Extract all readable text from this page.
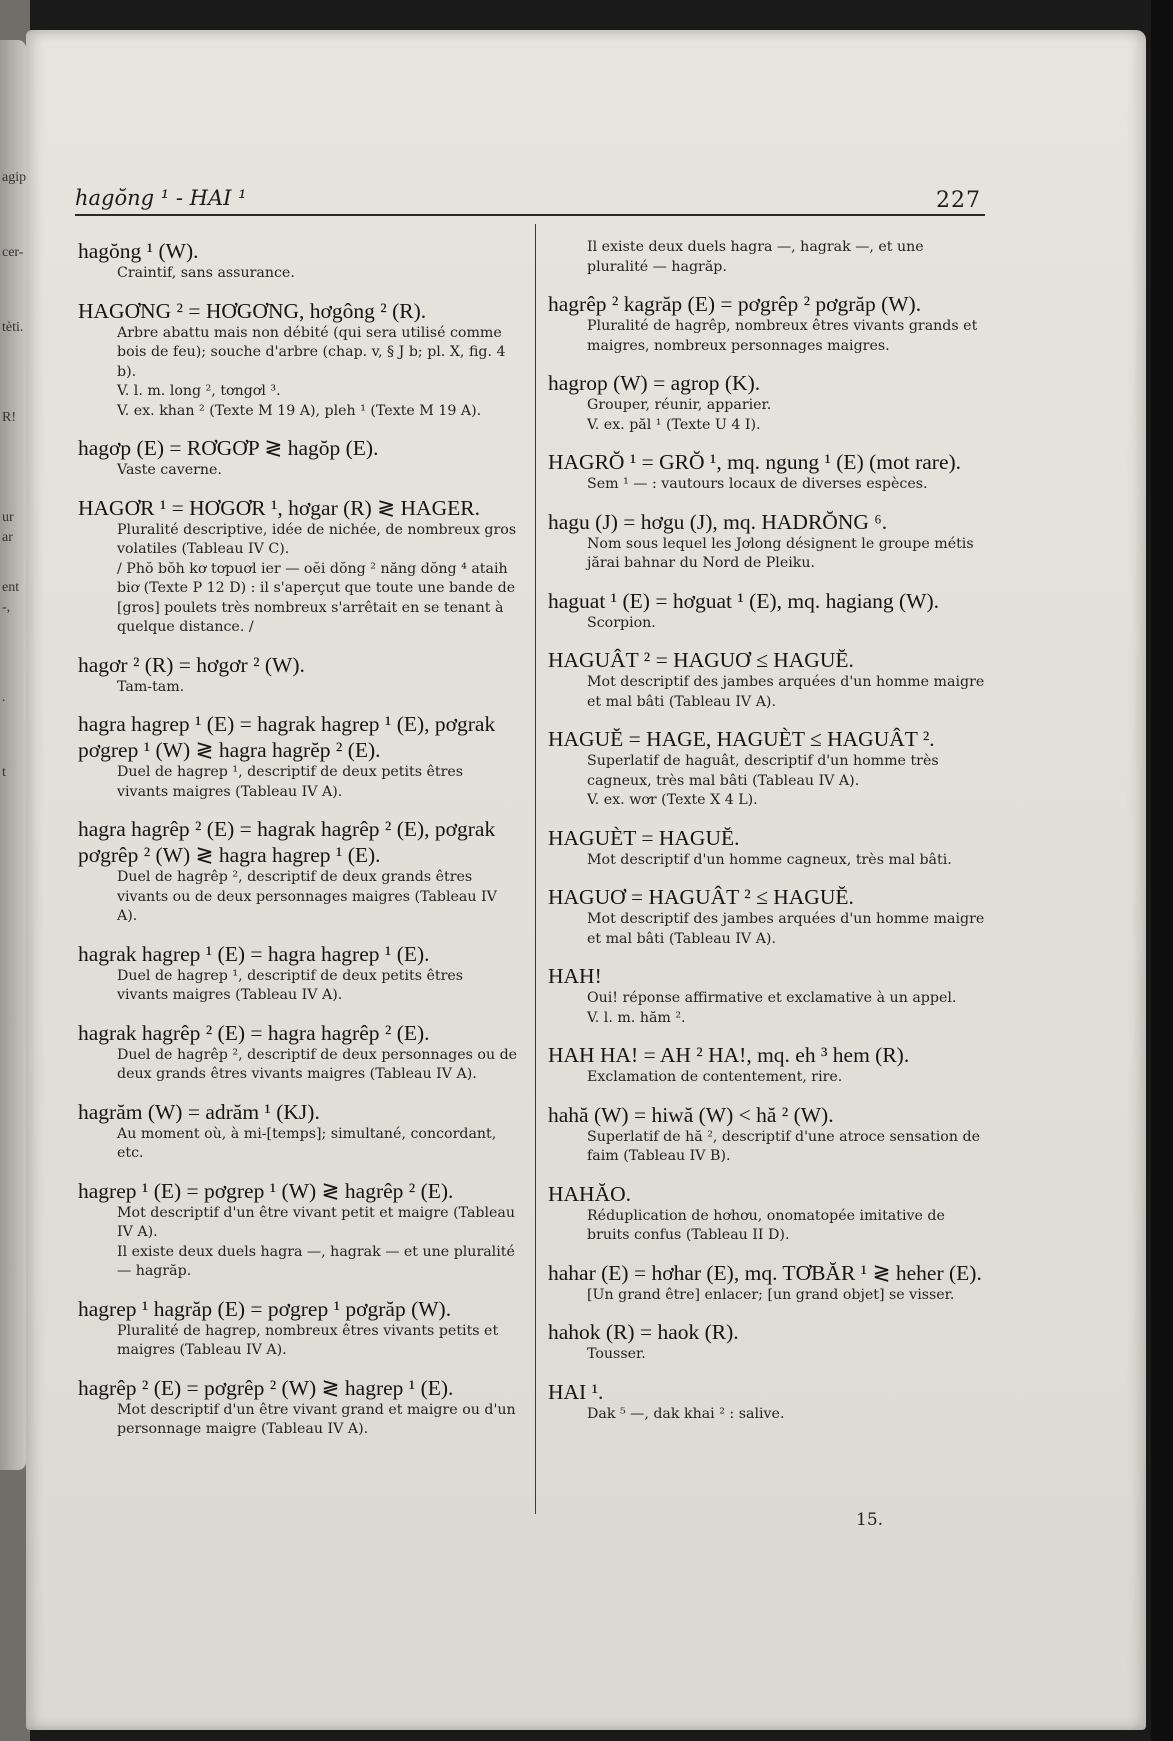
agip
cer-
tèti.
R!
ur
ar
ent
-,
t
.
hagŏng ¹ - HAI ¹	227
hagŏng ¹ (W).
Craintif, sans assurance.
HAGƠNG ² = HƠGƠNG, hơgông ² (R).
Arbre abattu mais non débité (qui sera utilisé comme bois de feu); souche d'arbre (chap. v, § J b; pl. X, fig. 4 b).
V. l. m. long ², tơngơl ³.
V. ex. khan ² (Texte M 19 A), pleh ¹ (Texte M 19 A).
hagơp (E) = RƠGƠP ≷ hagŏp (E).
Vaste caverne.
HAGƠR ¹ = HƠGƠR ¹, hơgar (R) ≷ HAGER.
Pluralité descriptive, idée de nichée, de nombreux gros volatiles (Tableau IV C).
/ Phŏ bŏh kơ tơpuơl ier — oĕi dŏng ² năng dŏng ⁴ ataih biơ (Texte P 12 D) : il s'aperçut que toute une bande de [gros] poulets très nombreux s'arrêtait en se tenant à quelque distance. /
hagơr ² (R) = hơgơr ² (W).
Tam-tam.
hagra hagrep ¹ (E) = hagrak hagrep ¹ (E), pơgrak pơgrep ¹ (W) ≷ hagra hagrĕp ² (E).
Duel de hagrep ¹, descriptif de deux petits êtres vivants maigres (Tableau IV A).
hagra hagrêp ² (E) = hagrak hagrêp ² (E), pơgrak pơgrêp ² (W) ≷ hagra hagrep ¹ (E).
Duel de hagrêp ², descriptif de deux grands êtres vivants ou de deux personnages maigres (Tableau IV A).
hagrak hagrep ¹ (E) = hagra hagrep ¹ (E).
Duel de hagrep ¹, descriptif de deux petits êtres vivants maigres (Tableau IV A).
hagrak hagrêp ² (E) = hagra hagrêp ² (E).
Duel de hagrêp ², descriptif de deux personnages ou de deux grands êtres vivants maigres (Tableau IV A).
hagrăm (W) = adrăm ¹ (KJ).
Au moment où, à mi-[temps]; simultané, concordant, etc.
hagrep ¹ (E) = pơgrep ¹ (W) ≷ hagrêp ² (E).
Mot descriptif d'un être vivant petit et maigre (Tableau IV A).
Il existe deux duels hagra —, hagrak — et une pluralité — hagrăp.
hagrep ¹ hagrăp (E) = pơgrep ¹ pơgrăp (W).
Pluralité de hagrep, nombreux êtres vivants petits et maigres (Tableau IV A).
hagrêp ² (E) = pơgrêp ² (W) ≷ hagrep ¹ (E).
Mot descriptif d'un être vivant grand et maigre ou d'un personnage maigre (Tableau IV A).
Il existe deux duels hagra —, hagrak —, et une pluralité — hagrăp.
hagrêp ² kagrăp (E) = pơgrêp ² pơgrăp (W).
Pluralité de hagrêp, nombreux êtres vivants grands et maigres, nombreux personnages maigres.
hagrop (W) = agrop (K).
Grouper, réunir, apparier.
V. ex. păl ¹ (Texte U 4 I).
HAGRŎ ¹ = GRŎ ¹, mq. ngung ¹ (E) (mot rare).
Sem ¹ — : vautours locaux de diverses espèces.
hagu (J) = hơgu (J), mq. HADRŎNG ⁶.
Nom sous lequel les Jơlong désignent le groupe métis jărai bahnar du Nord de Pleiku.
haguat ¹ (E) = hơguat ¹ (E), mq. hagiang (W).
Scorpion.
HAGUÂT ² = HAGUƠ ≤ HAGUĔ.
Mot descriptif des jambes arquées d'un homme maigre et mal bâti (Tableau IV A).
HAGUĔ = HAGE, HAGUÈT ≤ HAGUÂT ².
Superlatif de haguât, descriptif d'un homme très cagneux, très mal bâti (Tableau IV A).
V. ex. wơr (Texte X 4 L).
HAGUÈT = HAGUĔ.
Mot descriptif d'un homme cagneux, très mal bâti.
HAGUƠ = HAGUÂT ² ≤ HAGUĔ.
Mot descriptif des jambes arquées d'un homme maigre et mal bâti (Tableau IV A).
HAH!
Oui! réponse affirmative et exclamative à un appel.
V. l. m. hăm ².
HAH HA! = AH ² HA!, mq. eh ³ hem (R).
Exclamation de contentement, rire.
hahă (W) = hiwă (W) < hă ² (W).
Superlatif de hă ², descriptif d'une atroce sensation de faim (Tableau IV B).
HAHĂO.
Réduplication de hơhơu, onomatopée imitative de bruits confus (Tableau II D).
hahar (E) = hơhar (E), mq. TƠBĂR ¹ ≷ heher (E).
[Un grand être] enlacer; [un grand objet] se visser.
hahok (R) = haok (R).
Tousser.
HAI ¹.
Dak ⁵ —, dak khai ² : salive.
15.
